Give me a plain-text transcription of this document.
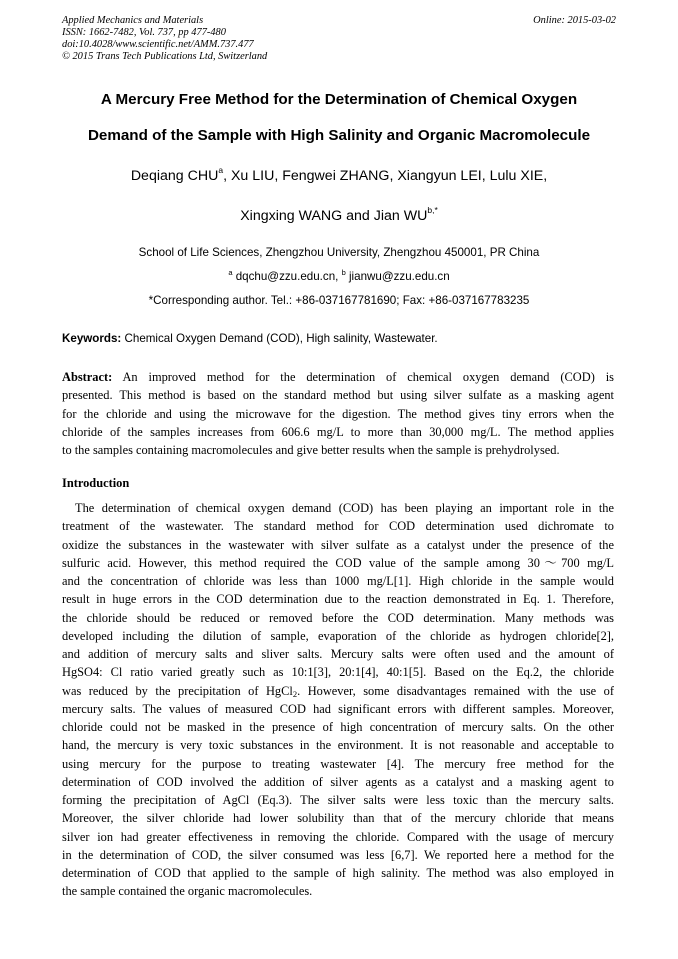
Applied Mechanics and Materials
ISSN: 1662-7482, Vol. 737, pp 477-480
doi:10.4028/www.scientific.net/AMM.737.477
© 2015 Trans Tech Publications Ltd, Switzerland
Online: 2015-03-02
A Mercury Free Method for the Determination of Chemical Oxygen
Demand of the Sample with High Salinity and Organic Macromolecule
Deqiang CHU$^a$, Xu LIU, Fengwei ZHANG, Xiangyun LEI, Lulu XIE,
Xingxing WANG and Jian $WU^{b,*}$
School of Life Sciences, Zhengzhou University, Zhengzhou 450001, PR China
$^a$ dqchu@zzu.edu.cn, $^b$ jianwu@zzu.edu.cn
*Corresponding author. Tel.: +86-037167781690; Fax: +86-037167783235
Keywords: Chemical Oxygen Demand (COD), High salinity, Wastewater.
Abstract: An improved method for the determination of chemical oxygen demand (COD) is
presented. This method is based on the standard method but using silver sulfate as a masking agent
for the chloride and using the microwave for the digestion. The method gives tiny errors when the
chloride of the samples increases from 606.6 mg/L to more than 30,000 mg/L. The method applies
to the samples containing macromolecules and give better results when the sample is prehydrolysed.
Introduction
The determination of chemical oxygen demand (COD) has been playing an important role in the
treatment of the wastewater. The standard method for COD determination used dichromate to
oxidize the substances in the wastewater with silver sulfate as a catalyst under the presence of the
sulfuric acid. However, this method required the COD value of the sample among 30～700 mg/L
and the concentration of chloride was less than 1000 mg/L[1]. High chloride in the sample would
result in huge errors in the COD determination due to the reaction demonstrated in Eq. 1. Therefore,
the chloride should be reduced or removed before the COD determination. Many methods was
developed including the dilution of sample, evaporation of the chloride as hydrogen chloride[2],
and addition of mercury salts and sliver salts. Mercury salts were often used and the amount of
HgSO4: Cl ratio varied greatly such as 10:1[3], 20:1[4], 40:1[5]. Based on the Eq.2, the chloride
was reduced by the precipitation of HgCl$_2$. However, some disadvantages remained with the use of
mercury salts. The values of measured COD had significant errors with different samples. Moreover,
chloride could not be masked in the presence of high concentration of mercury salts. On the other
hand, the mercury is very toxic substances in the environment. It is not reasonable and acceptable to
using mercury for the purpose to treating wastewater [4]. The mercury free method for the
determination of COD involved the addition of silver agents as a catalyst and a masking agent to
forming the precipitation of AgCl (Eq.3). The silver salts were less toxic than the mercury salts.
Moreover, the silver chloride had lower solubility than that of the mercury chloride that means
silver ion had greater effectiveness in removing the chloride. Compared with the usage of mercury
in the determination of COD, the silver consumed was less [6,7]. We reported here a method for the
determination of COD that applied to the sample of high salinity. The method was also employed in
the sample contained the organic macromolecules.
